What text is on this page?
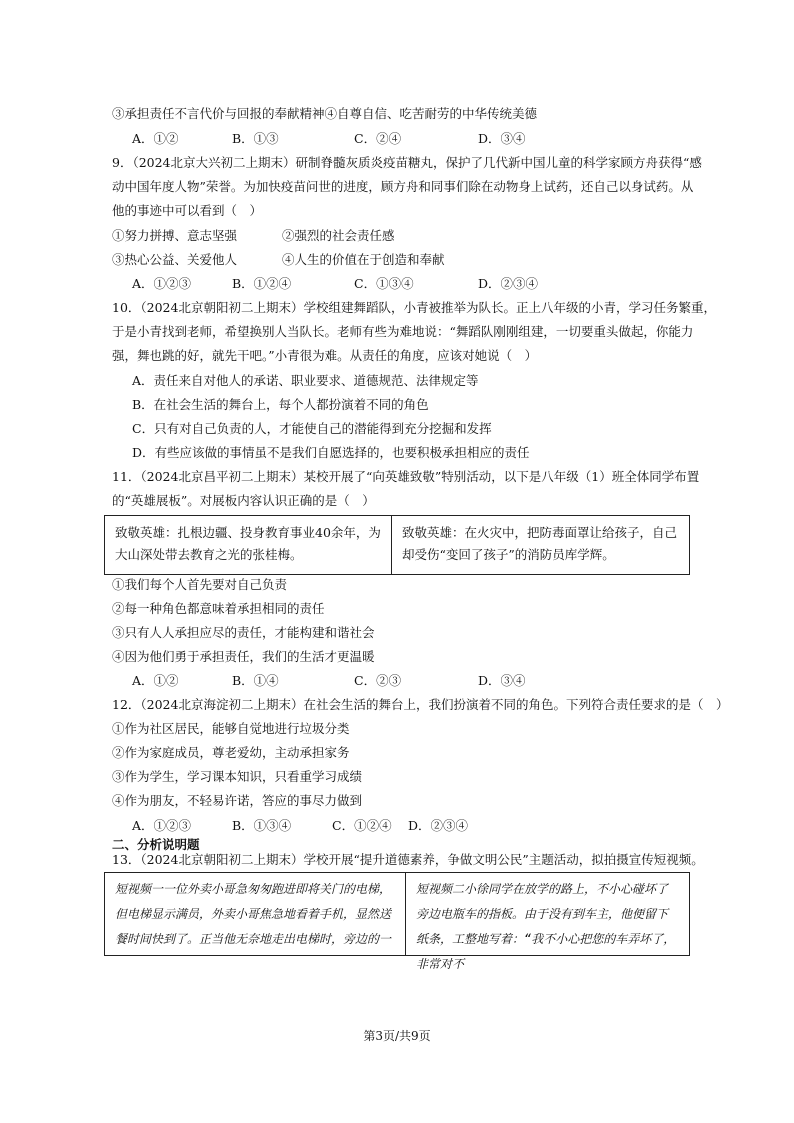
③承担责任不言代价与回报的奉献精神④自尊自信、吃苦耐劳的中华传统美德
A．①②	B．①③	C．②④	D．③④
9．（2024北京大兴初二上期末）研制脊髓灰质炎疫苗糖丸，保护了几代新中国儿童的科学家顾方舟获得“感
动中国年度人物”荣誉。为加快疫苗问世的进度，顾方舟和同事们除在动物身上试药，还自己以身试药。从
他的事迹中可以看到（　）
①努力拼搏、意志坚强	②强烈的社会责任感
③热心公益、关爱他人	④人生的价值在于创造和奉献
A．①②③	B．①②④	C．①③④	D．②③④
10．（2024北京朝阳初二上期末）学校组建舞蹈队，小青被推举为队长。正上八年级的小青，学习任务繁重，
于是小青找到老师，希望换别人当队长。老师有些为难地说：“舞蹈队刚刚组建，一切要重头做起，你能力
强，舞也跳的好，就先干吧。”小青很为难。从责任的角度，应该对她说（　）
A．责任来自对他人的承诺、职业要求、道德规范、法律规定等
B．在社会生活的舞台上，每个人都扮演着不同的角色
C．只有对自己负责的人，才能使自己的潜能得到充分挖掘和发挥
D．有些应该做的事情虽不是我们自愿选择的，也要积极承担相应的责任
11．（2024北京昌平初二上期末）某校开展了“向英雄致敬”特别活动，以下是八年级（1）班全体同学布置
的“英雄展板”。对展板内容认识正确的是（　）
致敬英雄：扎根边疆、投身教育事业40余年，为大山深处带去教育之光的张桂梅。
致敬英雄：在火灾中，把防毒面罩让给孩子，自己却受伤“变回了孩子”的消防员库学辉。
①我们每个人首先要对自己负责
②每一种角色都意味着承担相同的责任
③只有人人承担应尽的责任，才能构建和谐社会
④因为他们勇于承担责任，我们的生活才更温暖
A．①②	B．①④	C．②③	D．③④
12．（2024北京海淀初二上期末）在社会生活的舞台上，我们扮演着不同的角色。下列符合责任要求的是（　）
①作为社区居民，能够自觉地进行垃圾分类
②作为家庭成员，尊老爱幼，主动承担家务
③作为学生，学习课本知识，只看重学习成绩
④作为朋友，不轻易许诺，答应的事尽力做到
A．①②③	B．①③④	C．①②④ D．②③④
二、分析说明题
13．（2024北京朝阳初二上期末）学校开展“提升道德素养，争做文明公民”主题活动，拟拍摄宣传短视频。
短视频一一位外卖小哥急匆匆跑进即将关门的电梯，但电梯显示满员，外卖小哥焦急地看着手机，显然送餐时间快到了。正当他无奈地走出电梯时，旁边的一
短视频二小徐同学在放学的路上，不小心碰坏了旁边电瓶车的指板。由于没有到车主，他便留下纸条，工整地写着：“我不小心把您的车弄坏了，非常对不
第3页/共9页
